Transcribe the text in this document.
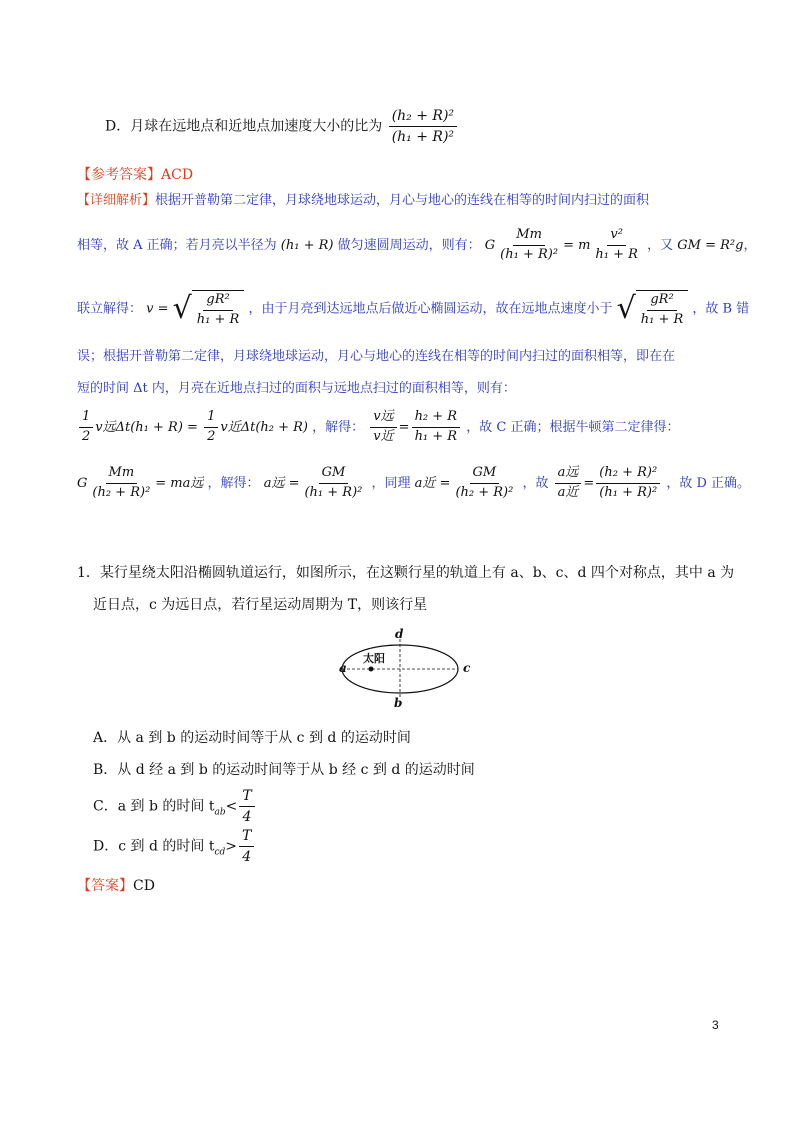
D．月球在远地点和近地点加速度大小的比为 $\frac{\text{(h₂ + R)²}}{\text{(h₁ + R)²}}$
【参考答案】ACD
【详细解析】根据开普勒第二定律，月球绕地球运动，月心与地心的连线在相等的时间内扫过的面积
相等，故 A 正确；若月亮以半径为 (h₁ + R) 做匀速圆周运动，则有： G $\frac{Mm}{\text{(h₁ + R)²}} = m \frac{\text{v²}}{\text{h₁ + R}}$ ，又 GM = R²g，
联立解得： v = √ $\frac{\text{gR²}}{\text{h₁ + R}}$ ，由于月亮到达远地点后做近心椭圆运动，故在远地点速度小于 √ $\frac{\text{gR²}}{\text{h₁ + R}}$ ，故 B 错
误；根据开普勒第二定律，月球绕地球运动，月心与地心的连线在相等的时间内扫过的面积相等，即在在
短的时间 Δt 内，月亮在近地点扫过的面积与远地点扫过的面积相等，则有：
$\frac{1}{2}$ v远$\Delta t(h_1 + R) = \frac{1}{2}$ v近Δt(h₂ + R) ，解得： $\frac{\text{v远}}{\text{v近}} = \frac{\text{h₂ + R}}{\text{h₁ + R}}$ ，故 C 正确；根据牛顿第二定律得：
G $\frac{Mm}{\text{(h₂ + R)²}}$ = ma远 ，解得： a远 = $\frac{GM}{\text{(h₁ + R)²}}$ ，同理 a近 = $\frac{GM}{\text{(h₂ + R)²}}$ ，故 $\frac{\text{a远}}{\text{a近}} = \frac{\text{(h₂ + R)²}}{\text{(h₁ + R)²}}$ ，故 D 正确。
1．某行星绕太阳沿椭圆轨道运行，如图所示，在这颗行星的轨道上有 a、b、c、d 四个对称点，其中 a 为
近日点，c 为远日点，若行星运动周期为 T，则该行星
太阳
a
b
c
d
A．从 a 到 b 的运动时间等于从 c 到 d 的运动时间
B．从 d 经 a 到 b 的运动时间等于从 b 经 c 到 d 的运动时间
C．a 到 b 的时间 $t_{ab}< \frac{T}{4}$
D．c 到 d 的时间 $t_{cd}> \frac{T}{4}$
【答案】CD
3
